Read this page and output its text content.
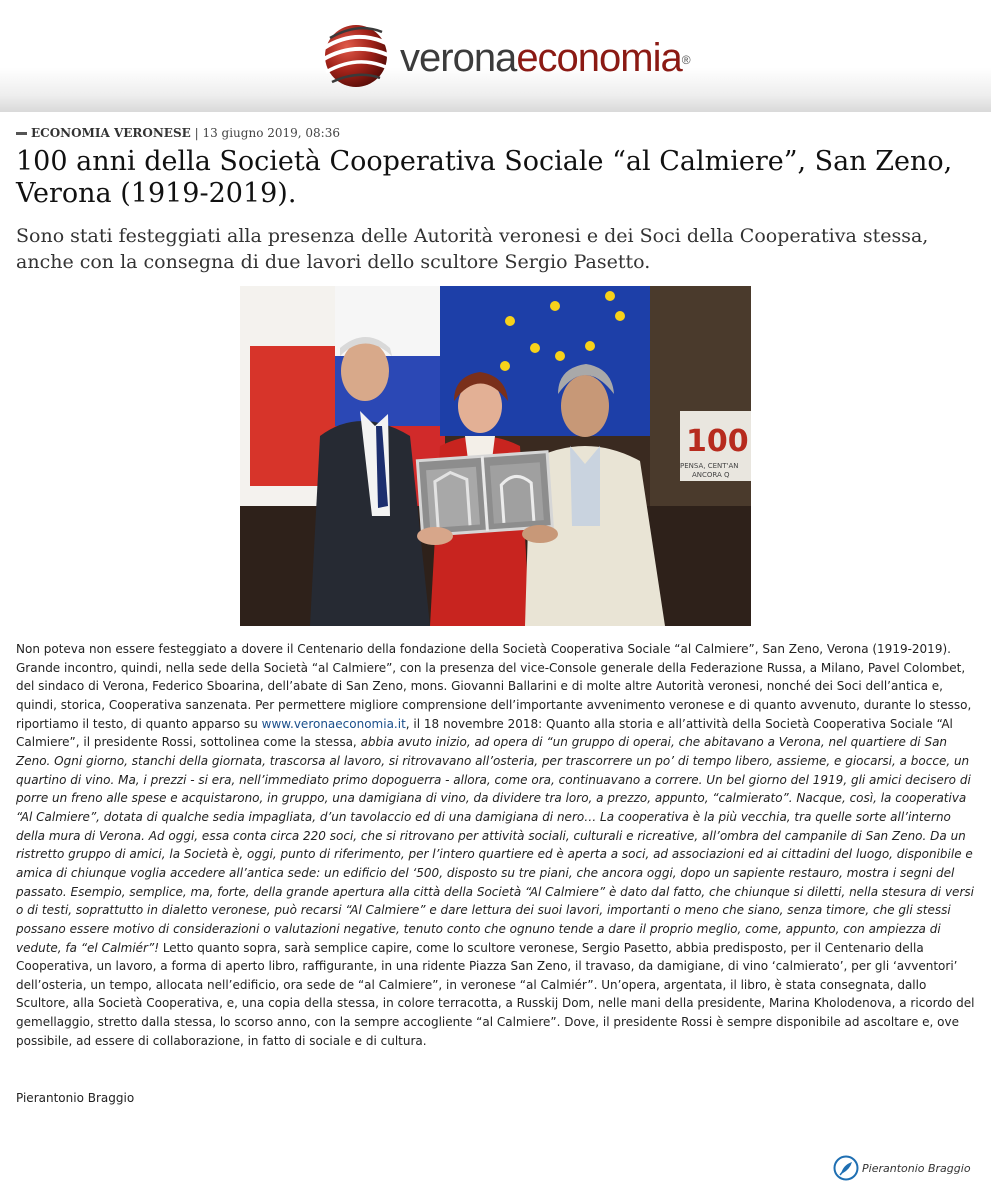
veronaeconomia®
ECONOMIA VERONESE | 13 giugno 2019, 08:36
100 anni della Società Cooperativa Sociale “al Calmiere”, San Zeno, Verona (1919-2019).

Sono stati festeggiati alla presenza delle Autorità veronesi e dei Soci della Cooperativa stessa, anche con la consegna di due lavori dello scultore Sergio Pasetto.

100
PENSA, CENT'AN
ANCORA Q

Non poteva non essere festeggiato a dovere il Centenario della fondazione della Società Cooperativa Sociale “al Calmiere”, San Zeno, Verona (1919-2019). Grande incontro, quindi, nella sede della Società “al Calmiere”, con la presenza del vice-Console generale della Federazione Russa, a Milano, Pavel Colombet, del sindaco di Verona, Federico Sboarina, dell’abate di San Zeno, mons. Giovanni Ballarini e di molte altre Autorità veronesi, nonché dei Soci dell’antica e, quindi, storica, Cooperativa sanzenata. Per permettere migliore comprensione dell’importante avvenimento veronese e di quanto avvenuto, durante lo stesso, riportiamo il testo, di quanto apparso su www.veronaeconomia.it, il 18 novembre 2018: Quanto alla storia e all’attività della Società Cooperativa Sociale “Al Calmiere”, il presidente Rossi, sottolinea come la stessa, abbia avuto inizio, ad opera di “un gruppo di operai, che abitavano a Verona, nel quartiere di San Zeno. Ogni giorno, stanchi della giornata, trascorsa al lavoro, si ritrovavano all’osteria, per trascorrere un po’ di tempo libero, assieme, e giocarsi, a bocce, un quartino di vino. Ma, i prezzi - si era, nell’immediato primo dopoguerra - allora, come ora, continuavano a correre. Un bel giorno del 1919, gli amici decisero di porre un freno alle spese e acquistarono, in gruppo, una damigiana di vino, da dividere tra loro, a prezzo, appunto, “calmierato”. Nacque, così, la cooperativa “Al Calmiere”, dotata di qualche sedia impagliata, d’un tavolaccio ed di una damigiana di nero… La cooperativa è la più vecchia, tra quelle sorte all’interno della mura di Verona. Ad oggi, essa conta circa 220 soci, che si ritrovano per attività sociali, culturali e ricreative, all’ombra del campanile di San Zeno. Da un ristretto gruppo di amici, la Società è, oggi, punto di riferimento, per l’intero quartiere ed è aperta a soci, ad associazioni ed ai cittadini del luogo, disponibile e amica di chiunque voglia accedere all’antica sede: un edificio del ‘500, disposto su tre piani, che ancora oggi, dopo un sapiente restauro, mostra i segni del passato. Esempio, semplice, ma, forte, della grande apertura alla città della Società “Al Calmiere” è dato dal fatto, che chiunque si diletti, nella stesura di versi o di testi, soprattutto in dialetto veronese, può recarsi “Al Calmiere” e dare lettura dei suoi lavori, importanti o meno che siano, senza timore, che gli stessi possano essere motivo di considerazioni o valutazioni negative, tenuto conto che ognuno tende a dare il proprio meglio, come, appunto, con ampiezza di vedute, fa “el Calmiér”! Letto quanto sopra, sarà semplice capire, come lo scultore veronese, Sergio Pasetto, abbia predisposto, per il Centenario della Cooperativa, un lavoro, a forma di aperto libro, raffigurante, in una ridente Piazza San Zeno, il travaso, da damigiane, di vino ‘calmierato’, per gli ‘avventori’ dell’osteria, un tempo, allocata nell’edificio, ora sede de “al Calmiere”, in veronese “al Calmiér”. Un’opera, argentata, il libro, è stata consegnata, dallo Scultore, alla Società Cooperativa, e, una copia della stessa, in colore terracotta, a Russkij Dom, nelle mani della presidente, Marina Kholodenova, a ricordo del gemellaggio, stretto dalla stessa, lo scorso anno, con la sempre accogliente “al Calmiere”. Dove, il presidente Rossi è sempre disponibile ad ascoltare e, ove possibile, ad essere di collaborazione, in fatto di sociale e di cultura.

Pierantonio Braggio
Pierantonio Braggio
